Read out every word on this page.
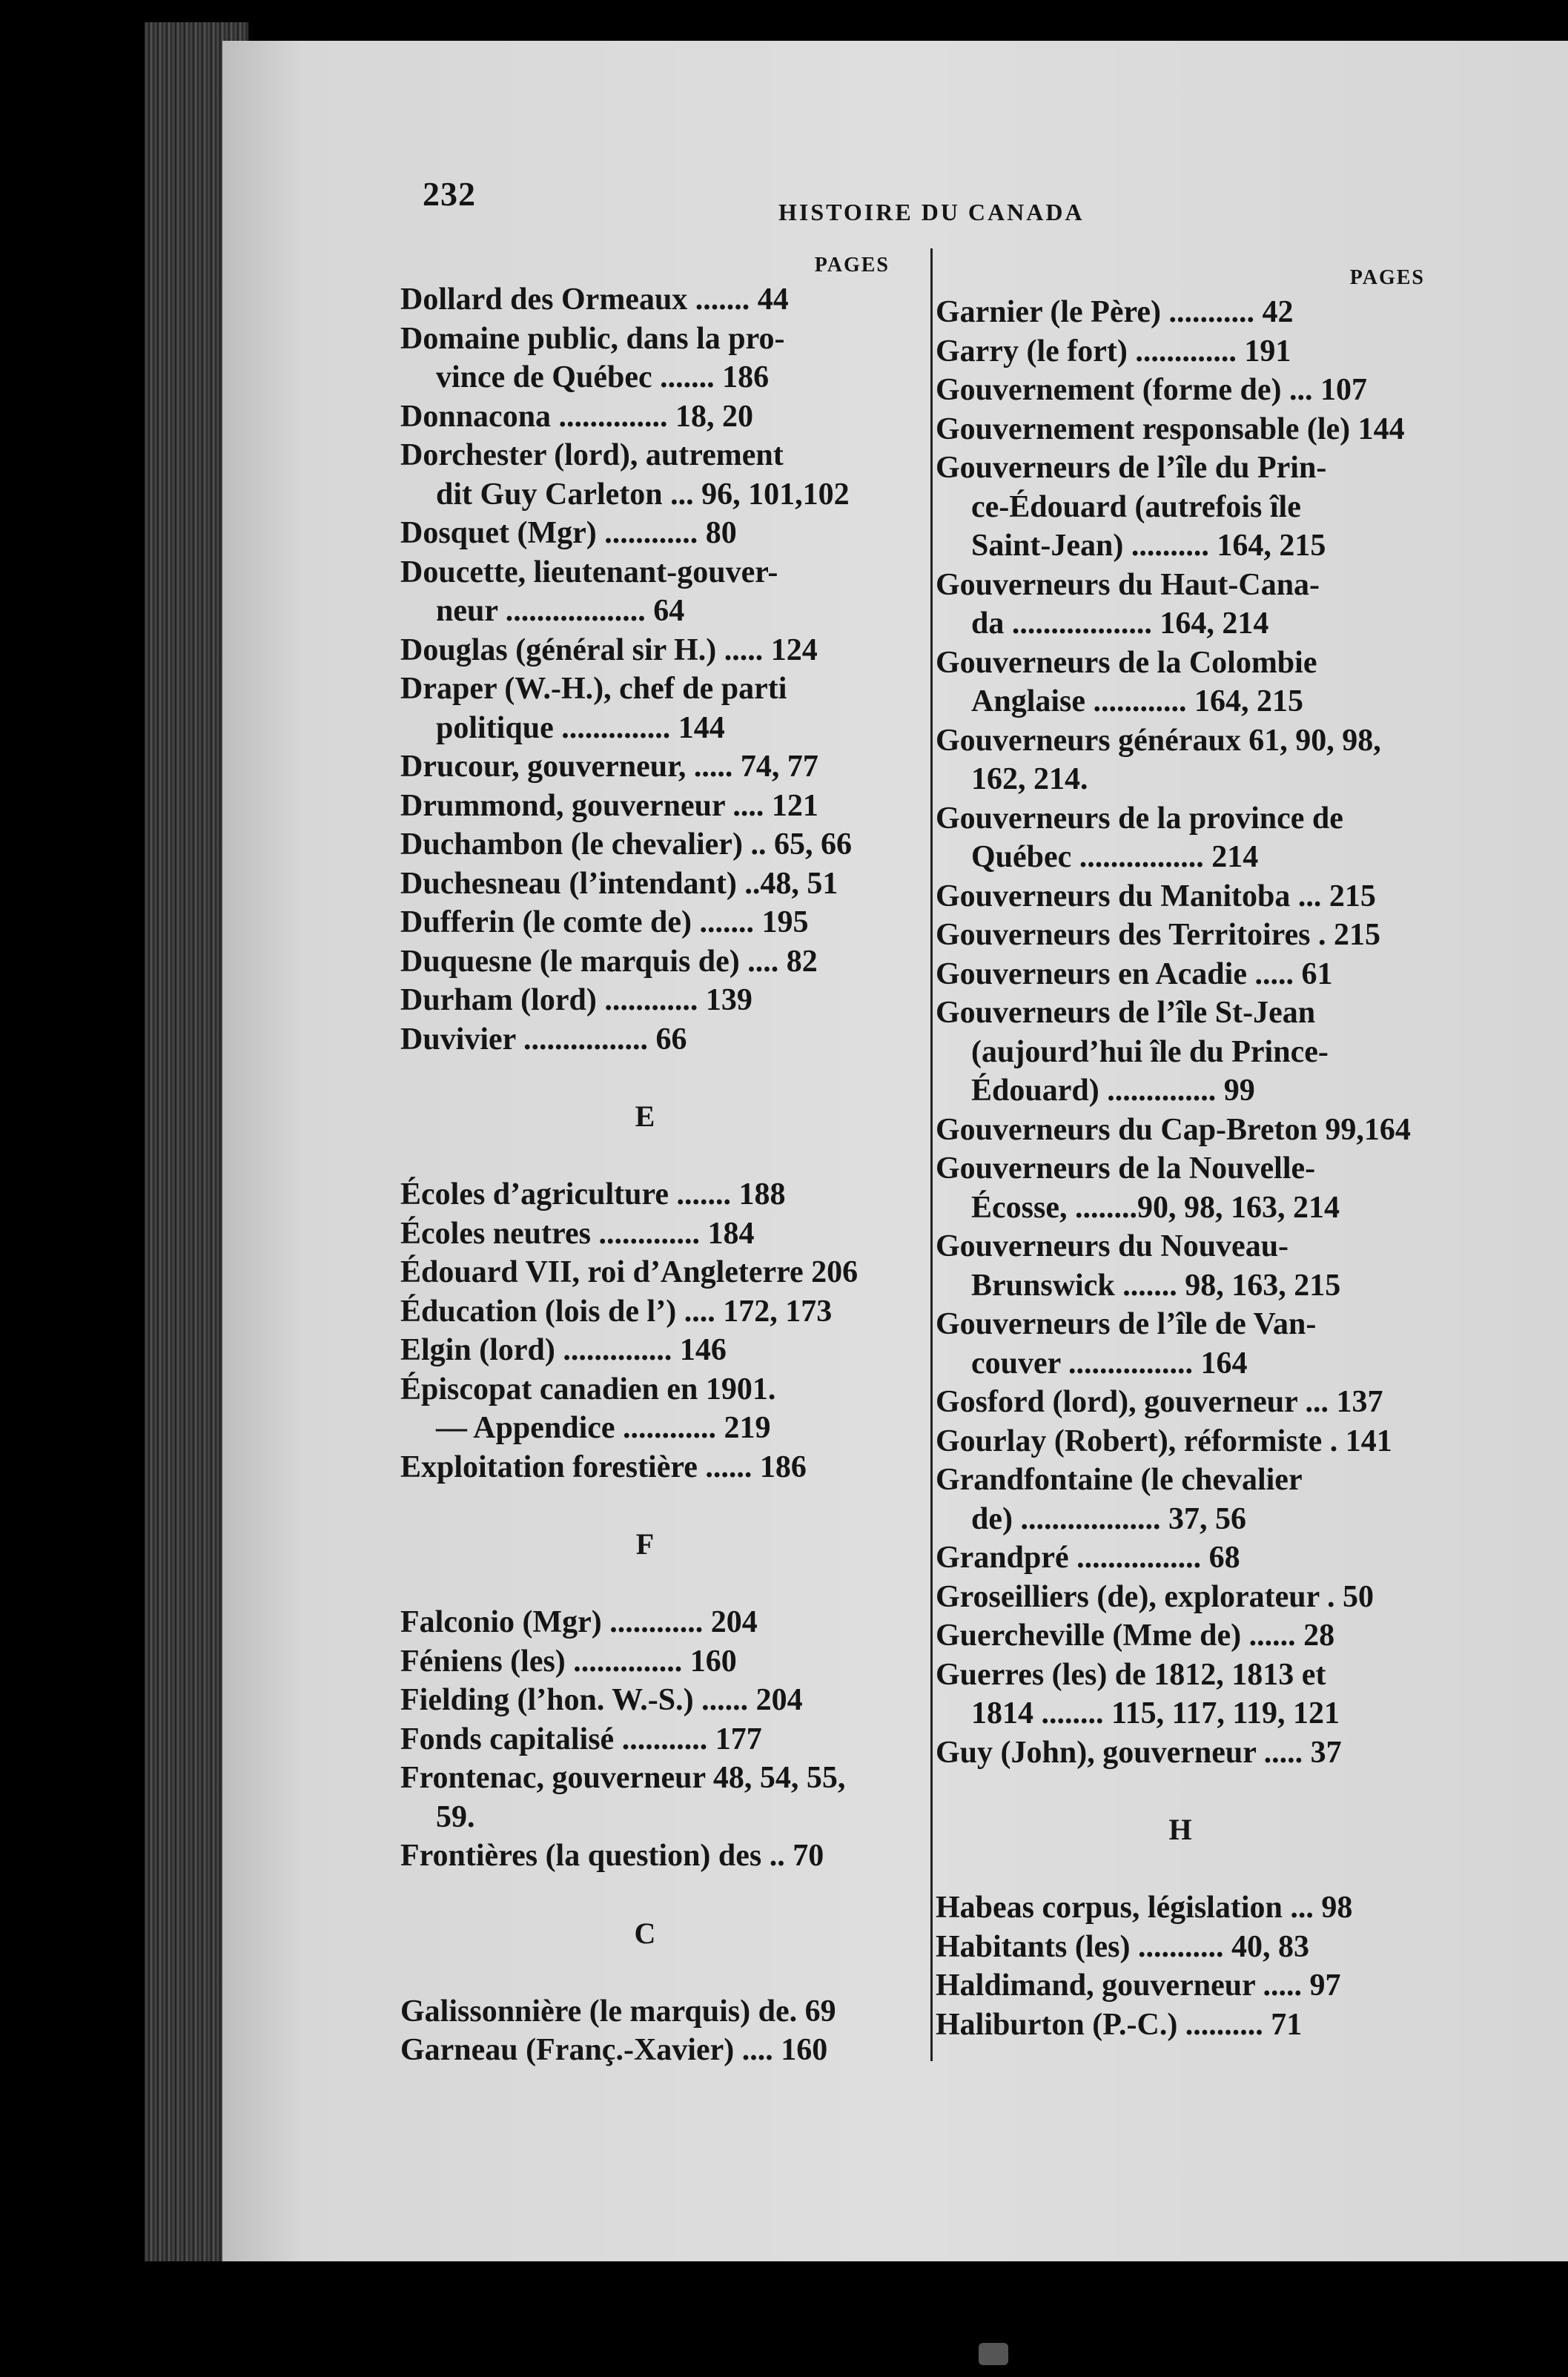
232	HISTOIRE DU CANADA
PAGES
Dollard des Ormeaux ....... 44
Domaine public, dans la pro-
vince de Québec ....... 186
Donnacona .............. 18, 20
Dorchester (lord), autrement
dit Guy Carleton ... 96, 101,102
Dosquet (Mgr) ............ 80
Doucette, lieutenant-gouver-
neur .................. 64
Douglas (général sir H.) ..... 124
Draper (W.-H.), chef de parti
politique .............. 144
Drucour, gouverneur, ..... 74, 77
Drummond, gouverneur .... 121
Duchambon (le chevalier) .. 65, 66
Duchesneau (l’intendant) ..48, 51
Dufferin (le comte de) ....... 195
Duquesne (le marquis de) .... 82
Durham (lord) ............ 139
Duvivier ................ 66
E
Écoles d’agriculture ....... 188
Écoles neutres ............. 184
Édouard VII, roi d’Angleterre 206
Éducation (lois de l’) .... 172, 173
Elgin (lord) .............. 146
Épiscopat canadien en 1901.
— Appendice ............ 219
Exploitation forestière ...... 186
F
Falconio (Mgr) ............ 204
Féniens (les) .............. 160
Fielding (l’hon. W.-S.) ...... 204
Fonds capitalisé ........... 177
Frontenac, gouverneur 48, 54, 55,
59.
Frontières (la question) des .. 70
C
Galissonnière (le marquis) de. 69
Garneau (Franç.-Xavier) .... 160
PAGES
Garnier (le Père) ........... 42
Garry (le fort) ............. 191
Gouvernement (forme de) ... 107
Gouvernement responsable (le) 144
Gouverneurs de l’île du Prin-
ce-Édouard (autrefois île
Saint-Jean) .......... 164, 215
Gouverneurs du Haut-Cana-
da .................. 164, 214
Gouverneurs de la Colombie
Anglaise ............ 164, 215
Gouverneurs généraux 61, 90, 98,
162, 214.
Gouverneurs de la province de
Québec ................ 214
Gouverneurs du Manitoba ... 215
Gouverneurs des Territoires . 215
Gouverneurs en Acadie ..... 61
Gouverneurs de l’île St-Jean
(aujourd’hui île du Prince-
Édouard) .............. 99
Gouverneurs du Cap-Breton 99,164
Gouverneurs de la Nouvelle-
Écosse, ........90, 98, 163, 214
Gouverneurs du Nouveau-
Brunswick ....... 98, 163, 215
Gouverneurs de l’île de Van-
couver ................ 164
Gosford (lord), gouverneur ... 137
Gourlay (Robert), réformiste . 141
Grandfontaine (le chevalier
de) .................. 37, 56
Grandpré ................ 68
Groseilliers (de), explorateur . 50
Guercheville (Mme de) ...... 28
Guerres (les) de 1812, 1813 et
1814 ........ 115, 117, 119, 121
Guy (John), gouverneur ..... 37
H
Habeas corpus, législation ... 98
Habitants (les) ........... 40, 83
Haldimand, gouverneur ..... 97
Haliburton (P.-C.) .......... 71
